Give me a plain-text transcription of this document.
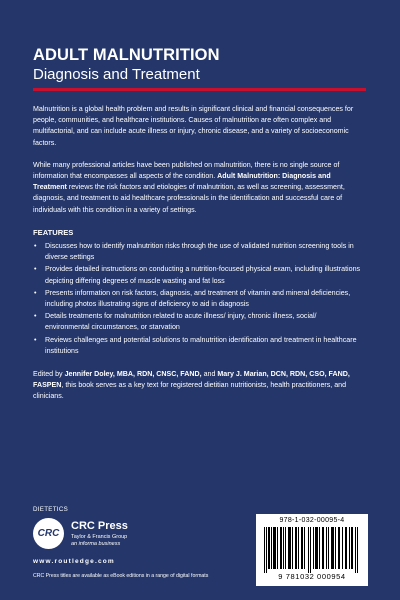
ADULT MALNUTRITION
Diagnosis and Treatment

Malnutrition is a global health problem and results in significant clinical and financial consequences for people, communities, and healthcare institutions. Causes of malnutrition are often complex and multifactorial, and can include acute illness or injury, chronic disease, and a variety of socioeconomic factors.

While many professional articles have been published on malnutrition, there is no single source of information that encompasses all aspects of the condition. Adult Malnutrition: Diagnosis and Treatment reviews the risk factors and etiologies of malnutrition, as well as screening, assessment, diagnosis, and treatment to aid healthcare professionals in the identification and successful care of individuals with this condition in a variety of settings.

FEATURES
• Discusses how to identify malnutrition risks through the use of validated nutrition screening tools in diverse settings
• Provides detailed instructions on conducting a nutrition-focused physical exam, including illustrations depicting differing degrees of muscle wasting and fat loss
• Presents information on risk factors, diagnosis, and treatment of vitamin and mineral deficiencies, including photos illustrating signs of deficiency to aid in diagnosis
• Details treatments for malnutrition related to acute illness/ injury, chronic illness, social/ environmental circumstances, or starvation
• Reviews challenges and potential solutions to malnutrition identification and treatment in healthcare institutions

Edited by Jennifer Doley, MBA, RDN, CNSC, FAND, and Mary J. Marian, DCN, RDN, CSO, FAND, FASPEN, this book serves as a key text for registered dietitian nutritionists, health practitioners, and clinicians.

DIETETICS
CRC
CRC Press
Taylor & Francis Group
an informa business
www.routledge.com
CRC Press titles are available as eBook editions in a range of digital formats
978-1-032-00095-4
9 781032 000954
